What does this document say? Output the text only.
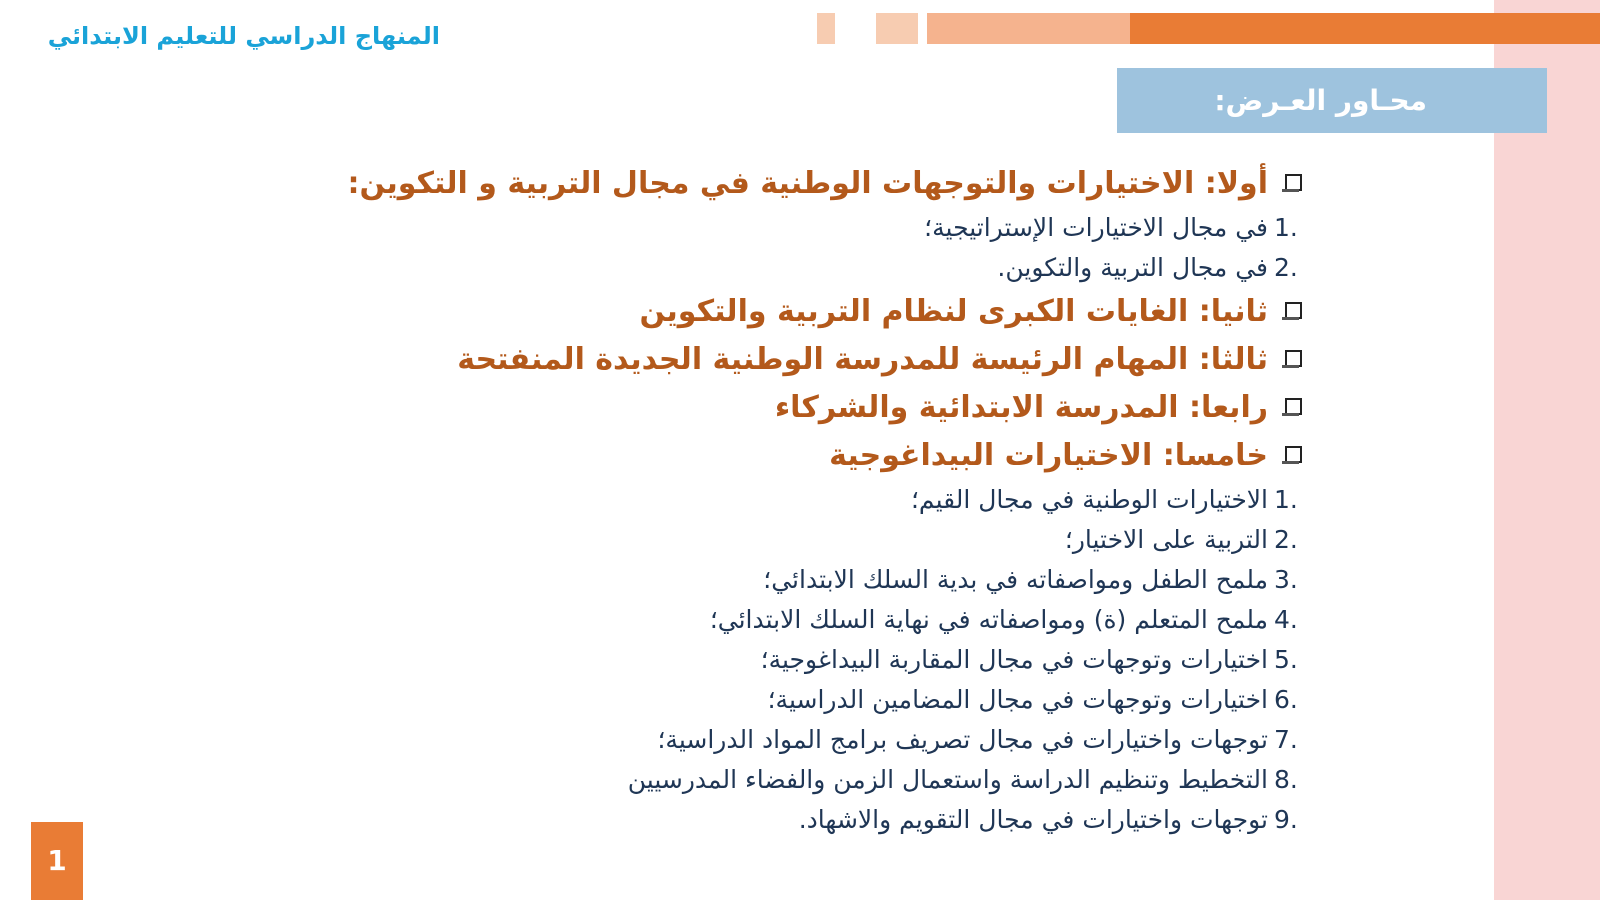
المنهاج الدراسي للتعليم الابتدائي
محـاور العـرض:
أولا: الاختيارات والتوجهات الوطنية في مجال التربية و التكوين:
1.
في مجال الاختيارات الإستراتيجية؛
2.
في مجال التربية والتكوين.
ثانيا: الغايات الكبرى لنظام التربية والتكوين
ثالثا: المهام الرئيسة للمدرسة الوطنية الجديدة المنفتحة
رابعا: المدرسة الابتدائية والشركاء
خامسا: الاختيارات البيداغوجية
1.
الاختيارات الوطنية في مجال القيم؛
2.
التربية على الاختيار؛
3.
ملمح الطفل ومواصفاته في بدية السلك الابتدائي؛
4.
ملمح المتعلم (ة) ومواصفاته في نهاية السلك الابتدائي؛
5.
اختيارات وتوجهات في مجال المقاربة البيداغوجية؛
6.
اختيارات وتوجهات في مجال المضامين الدراسية؛
7.
توجهات واختيارات في مجال تصريف برامج المواد الدراسية؛
8.
التخطيط وتنظيم الدراسة واستعمال الزمن والفضاء المدرسيين
9.
توجهات واختيارات في مجال التقويم والاشهاد.
1
